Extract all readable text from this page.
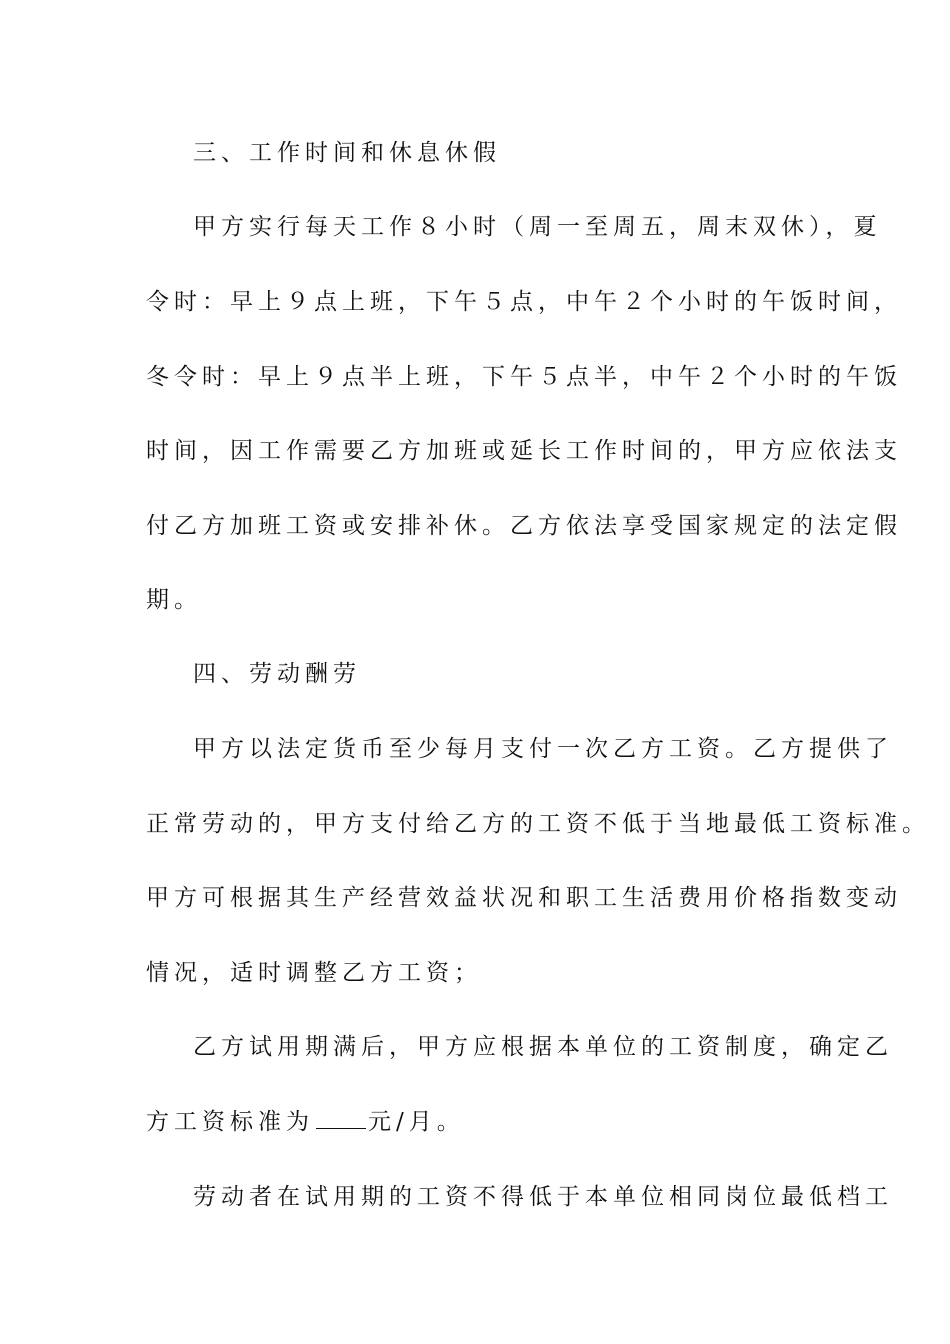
三、工作时间和休息休假
甲方实行每天工作８小时（周一至周五，周末双休），夏
令时：早上９点上班，下午５点，中午２个小时的午饭时间，
冬令时：早上９点半上班，下午５点半，中午２个小时的午饭
时间，因工作需要乙方加班或延长工作时间的，甲方应依法支
付乙方加班工资或安排补休。乙方依法享受国家规定的法定假
期。
四、劳动酬劳
甲方以法定货币至少每月支付一次乙方工资。乙方提供了
正常劳动的，甲方支付给乙方的工资不低于当地最低工资标准。
甲方可根据其生产经营效益状况和职工生活费用价格指数变动
情况，适时调整乙方工资；
乙方试用期满后，甲方应根据本单位的工资制度，确定乙
方工资标准为 元/月。
劳动者在试用期的工资不得低于本单位相同岗位最低档工
